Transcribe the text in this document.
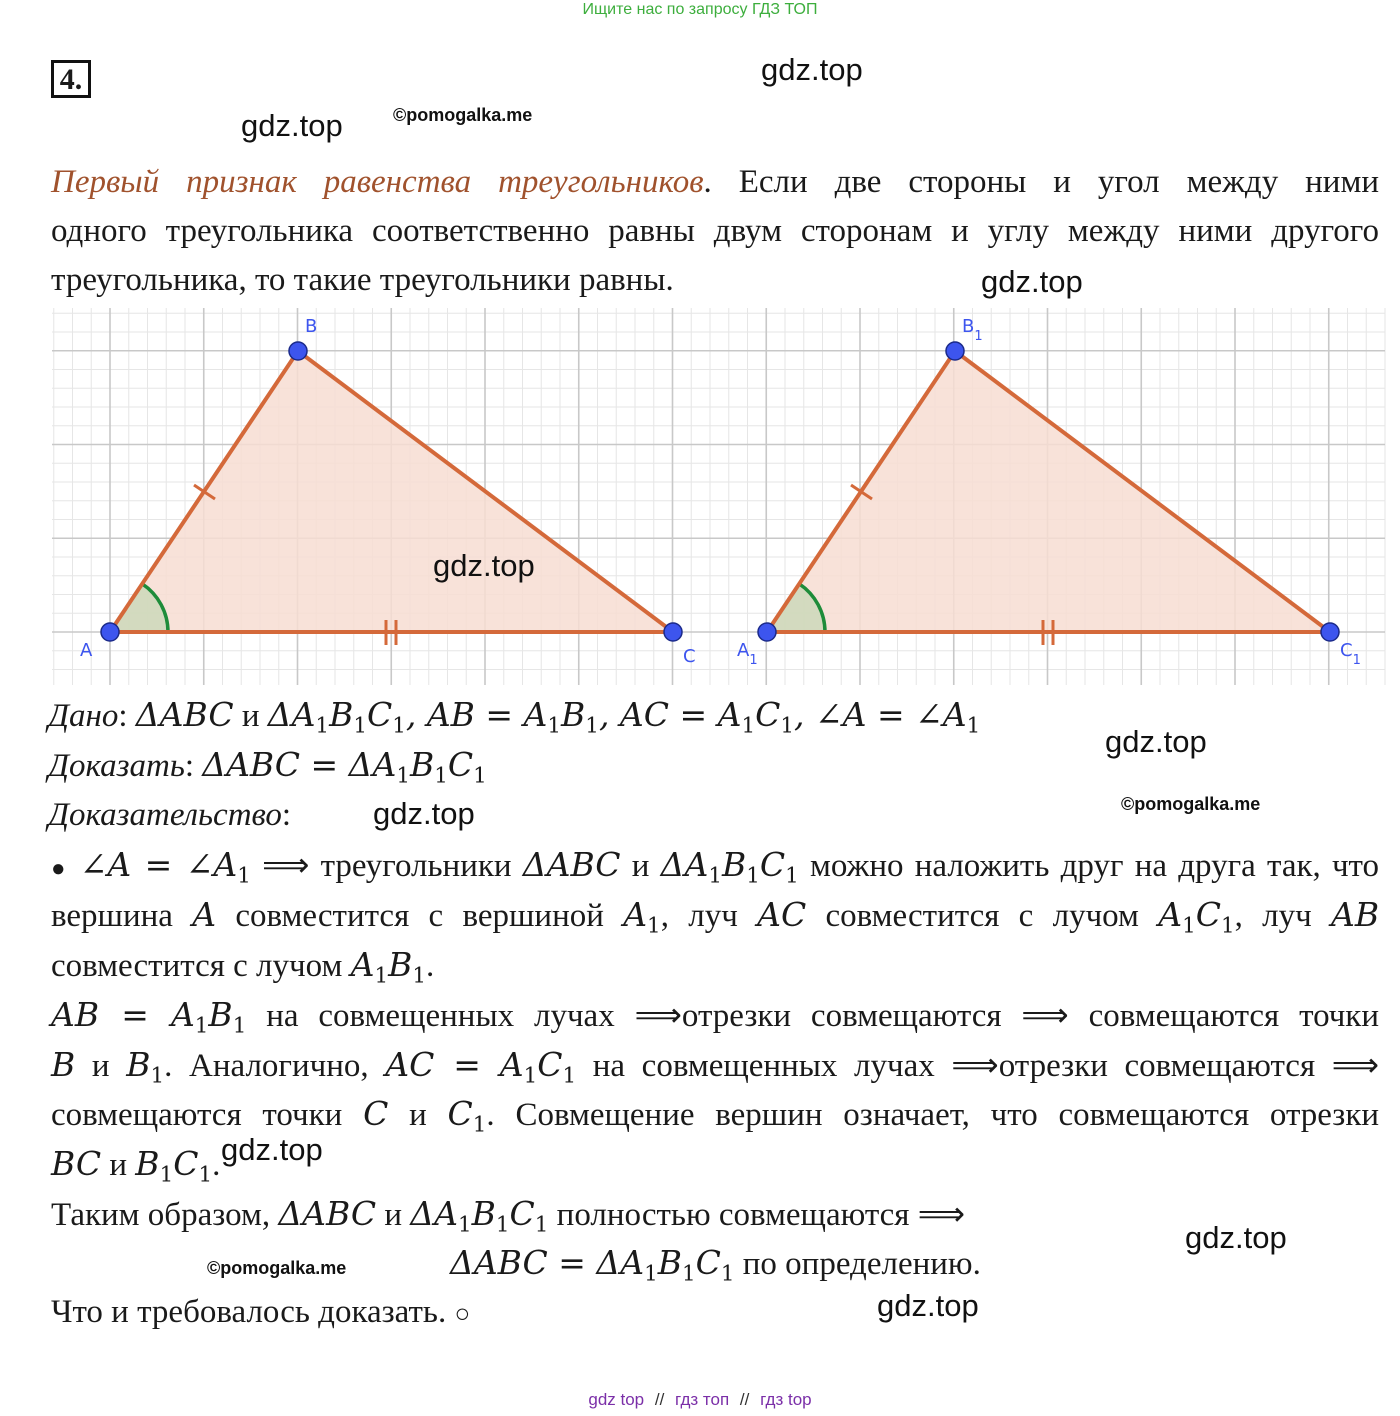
Ищите нас по запросу ГДЗ ТОП
4.	gdz.top
gdz.top	©pomogalka.me
gdz.top
gdz.top
©pomogalka.me
gdz.top
gdz.top
gdz.top
©pomogalka.me
gdz.top
Первый признак равенства треугольников. Если две стороны и угол между ними
одного треугольника соответственно равны двум сторонам и углу между ними другого
треугольника, то такие треугольники равны.
A
B
C $A_1$
$B_1$
$C_1$
gdz.top
Дано: ΔABC и $\Delta A_1B_1C_1$, AB = $A_1B_1$, AC = $A_1C_1$, ∠A = $\angle A_1$
Доказать: $\Delta ABC = \Delta A_1B_1C_1$
Доказательство:
● ∠A = $\angle A_1$ ⟹ треугольники ΔABC и $\Delta A_1B_1C_1$ можно наложить друг на друга так, что
вершина A совместится с вершиной $A_1$, луч AC совместится с лучом $A_1C_1$, луч AB
совместится с лучом $A_1B_1$.
AB = $A_1B_1$ на совмещенных лучах ⟹отрезки совмещаются ⟹ совмещаются точки
B и $B_1$. Аналогично, AC = $A_1C_1$ на совмещенных лучах ⟹отрезки совмещаются ⟹
совмещаются точки C и $C_1$. Совмещение вершин означает, что совмещаются отрезки
BC и $B_1C_1$.
Таким образом, ΔABC и $\Delta A_1B_1C_1$ полностью совмещаются ⟹
$\Delta ABC = \Delta A_1B_1C_1$ по определению.
Что и требовалось доказать. ○
gdz top // гдз топ // гдз top
